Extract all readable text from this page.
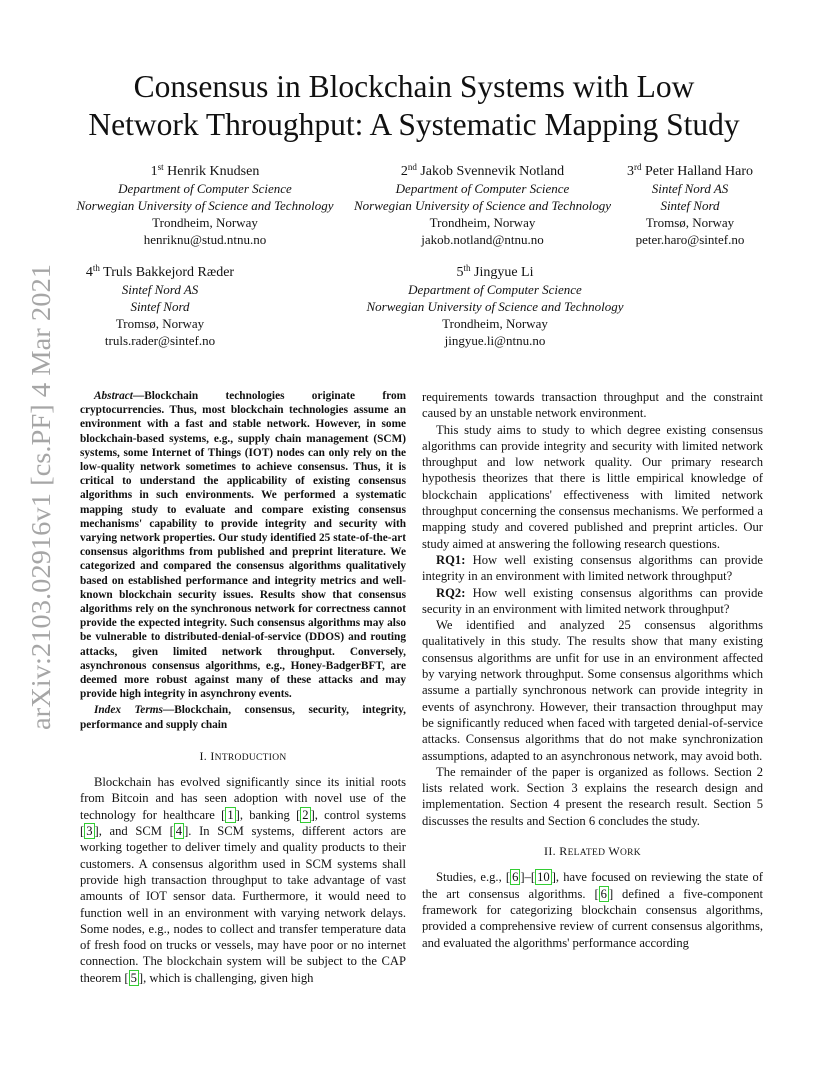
arXiv:2103.02916v1 [cs.PF] 4 Mar 2021
Consensus in Blockchain Systems with Low
Network Throughput: A Systematic Mapping Study
1st Henrik Knudsen
Department of Computer Science
Norwegian University of Science and Technology
Trondheim, Norway
henriknu@stud.ntnu.no
2nd Jakob Svennevik Notland
Department of Computer Science
Norwegian University of Science and Technology
Trondheim, Norway
jakob.notland@ntnu.no
3rd Peter Halland Haro
Sintef Nord AS
Sintef Nord
Tromsø, Norway
peter.haro@sintef.no
4th Truls Bakkejord Ræder
Sintef Nord AS
Sintef Nord
Tromsø, Norway
truls.rader@sintef.no
5th Jingyue Li
Department of Computer Science
Norwegian University of Science and Technology
Trondheim, Norway
jingyue.li@ntnu.no

Abstract—Blockchain technologies originate from cryptocurrencies. Thus, most blockchain technologies assume an environment with a fast and stable network. However, in some blockchain-based systems, e.g., supply chain management (SCM) systems, some Internet of Things (IOT) nodes can only rely on the low-quality network sometimes to achieve consensus. Thus, it is critical to understand the applicability of existing consensus algorithms in such environments. We performed a systematic mapping study to evaluate and compare existing consensus mechanisms' capability to provide integrity and security with varying network properties. Our study identified 25 state-of-the-art consensus algorithms from published and preprint literature. We categorized and compared the consensus algorithms qualitatively based on established performance and integrity metrics and well-known blockchain security issues. Results show that consensus algorithms rely on the synchronous network for correctness cannot provide the expected integrity. Such consensus algorithms may also be vulnerable to distributed-denial-of-service (DDOS) and routing attacks, given limited network throughput. Conversely, asynchronous consensus algorithms, e.g., Honey-BadgerBFT, are deemed more robust against many of these attacks and may provide high integrity in asynchrony events.

Index Terms—Blockchain, consensus, security, integrity, performance and supply chain

I. INTRODUCTION

Blockchain has evolved significantly since its initial roots from Bitcoin and has seen adoption with novel use of the technology for healthcare [ 1 ], banking [ 2 ], control systems [ 3 ], and SCM [ 4 ]. In SCM systems, different actors are working together to deliver timely and quality products to their customers. A consensus algorithm used in SCM systems shall provide high transaction throughput to take advantage of vast amounts of IOT sensor data. Furthermore, it would need to function well in an environment with varying network delays. Some nodes, e.g., nodes to collect and transfer temperature data of fresh food on trucks or vessels, may have poor or no internet connection. The blockchain system will be subject to the CAP theorem [ 5 ], which is challenging, given high

requirements towards transaction throughput and the constraint caused by an unstable network environment.

This study aims to study to which degree existing consensus algorithms can provide integrity and security with limited network throughput and low network quality. Our primary research hypothesis theorizes that there is little empirical knowledge of blockchain applications' effectiveness with limited network throughput concerning the consensus mechanisms. We performed a mapping study and covered published and preprint articles. Our study aimed at answering the following research questions.

RQ1: How well existing consensus algorithms can provide integrity in an environment with limited network throughput?

RQ2: How well existing consensus algorithms can provide security in an environment with limited network throughput?

We identified and analyzed 25 consensus algorithms qualitatively in this study. The results show that many existing consensus algorithms are unfit for use in an environment affected by varying network throughput. Some consensus algorithms which assume a partially synchronous network can provide integrity in events of asynchrony. However, their transaction throughput may be significantly reduced when faced with targeted denial-of-service attacks. Consensus algorithms that do not make synchronization assumptions, adapted to an asynchronous network, may avoid both.

The remainder of the paper is organized as follows. Section 2 lists related work. Section 3 explains the research design and implementation. Section 4 present the research result. Section 5 discusses the results and Section 6 concludes the study.

II. RELATED WORK

Studies, e.g., [ 6 ]–[ 10 ], have focused on reviewing the state of the art consensus algorithms. [ 6 ] defined a five-component framework for categorizing blockchain consensus algorithms, provided a comprehensive review of current consensus algorithms, and evaluated the algorithms' performance according
